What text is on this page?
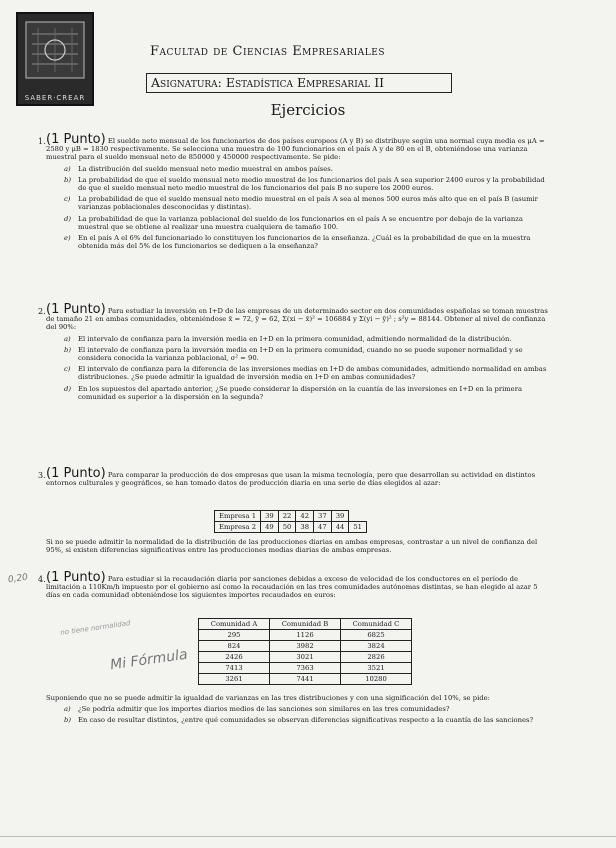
SABER·CREAR
Facultad de Ciencias Empresariales
Asignatura: Estadística Empresarial II
Ejercicios
1. (1 Punto) El sueldo neto mensual de los funcionarios de dos países europeos (A y B) se distribuye según una normal cuya media es μA = 2580 y μB = 1830 respectivamente. Se selecciona una muestra de 100 funcionarios en el país A y de 80 en el B, obteniéndose una varianza muestral para el sueldo mensual neto de 850000 y 450000 respectivamente. Se pide:
a) La distribución del sueldo mensual neto medio muestral en ambos países.
b) La probabilidad de que el sueldo mensual neto medio muestral de los funcionarios del país A sea superior 2400 euros y la probabilidad de que el sueldo mensual neto medio muestral de los funcionarios del país B no supere los 2000 euros.
c) La probabilidad de que el sueldo mensual neto medio muestral en el país A sea al menos 500 euros más alto que en el país B (asumir varianzas poblacionales desconocidas y distintas).
d) La probabilidad de que la varianza poblacional del sueldo de los funcionarios en el país A se encuentre por debajo de la varianza muestral que se obtiene al realizar una muestra cualquiera de tamaño 100.
e) En el país A el 6% del funcionariado lo constituyen los funcionarios de la enseñanza. ¿Cuál es la probabilidad de que en la muestra obtenida más del 5% de los funcionarios se dediquen a la enseñanza?
2. (1 Punto) Para estudiar la inversión en I+D de las empresas de un determinado sector en dos comunidades españolas se toman muestras de tamaño 21 en ambas comunidades, obteniéndose x̄ = 72, ȳ = 62, Σ(xi − x̄)² = 106884 y Σ(yi − ȳ)² ; s²y = 88144. Obtener al nivel de confianza del 90%:
a) El intervalo de confianza para la inversión media en I+D en la primera comunidad, admitiendo normalidad de la distribución.
b) El intervalo de confianza para la inversión media en I+D en la primera comunidad, cuando no se puede suponer normalidad y se considera conocida la varianza poblacional, σ² = 90.
c) El intervalo de confianza para la diferencia de las inversiones medias en I+D de ambas comunidades, admitiendo normalidad en ambas distribuciones. ¿Se puede admitir la igualdad de inversión media en I+D en ambas comunidades?
d) En los supuestos del apartado anterior, ¿Se puede considerar la dispersión en la cuantía de las inversiones en I+D en la primera comunidad es superior a la dispersión en la segunda?
3. (1 Punto) Para comparar la producción de dos empresas que usan la misma tecnología, pero que desarrollan su actividad en distintos entornos culturales y geográficos, se han tomado datos de producción diaria en una serie de días elegidos al azar:
Empresa 1	39	22	42	37	39	
Empresa 2	49	50	38	47	44	51
Si no se puede admitir la normalidad de la distribución de las producciones diarias en ambas empresas, contrastar a un nivel de confianza del 95%, si existen diferencias significativas entre las producciones medias diarias de ambas empresas.
4. (1 Punto) Para estudiar si la recaudación diaria por sanciones debidas a exceso de velocidad de los conductores en el período de limitación a 110Km/h impuesto por el gobierno así como la recaudación en las tres comunidades autónomas distintas, se han elegido al azar 5 días en cada comunidad obteniéndose los siguientes importes recaudados en euros:
Comunidad A	Comunidad B	Comunidad C
295	1126	6825
824	3982	3824
2426	3021	2826
7413	7363	3521
3261	7441	10280
Suponiendo que no se puede admitir la igualdad de varianzas en las tres distribuciones y con una significación del 10%, se pide:
a) ¿Se podría admitir que los importes diarios medios de las sanciones son similares en las tres comunidades?
b) En caso de resultar distintos, ¿entre qué comunidades se observan diferencias significativas respecto a la cuantía de las sanciones?
0,20
no tiene normalidad
Mi Fórmula
